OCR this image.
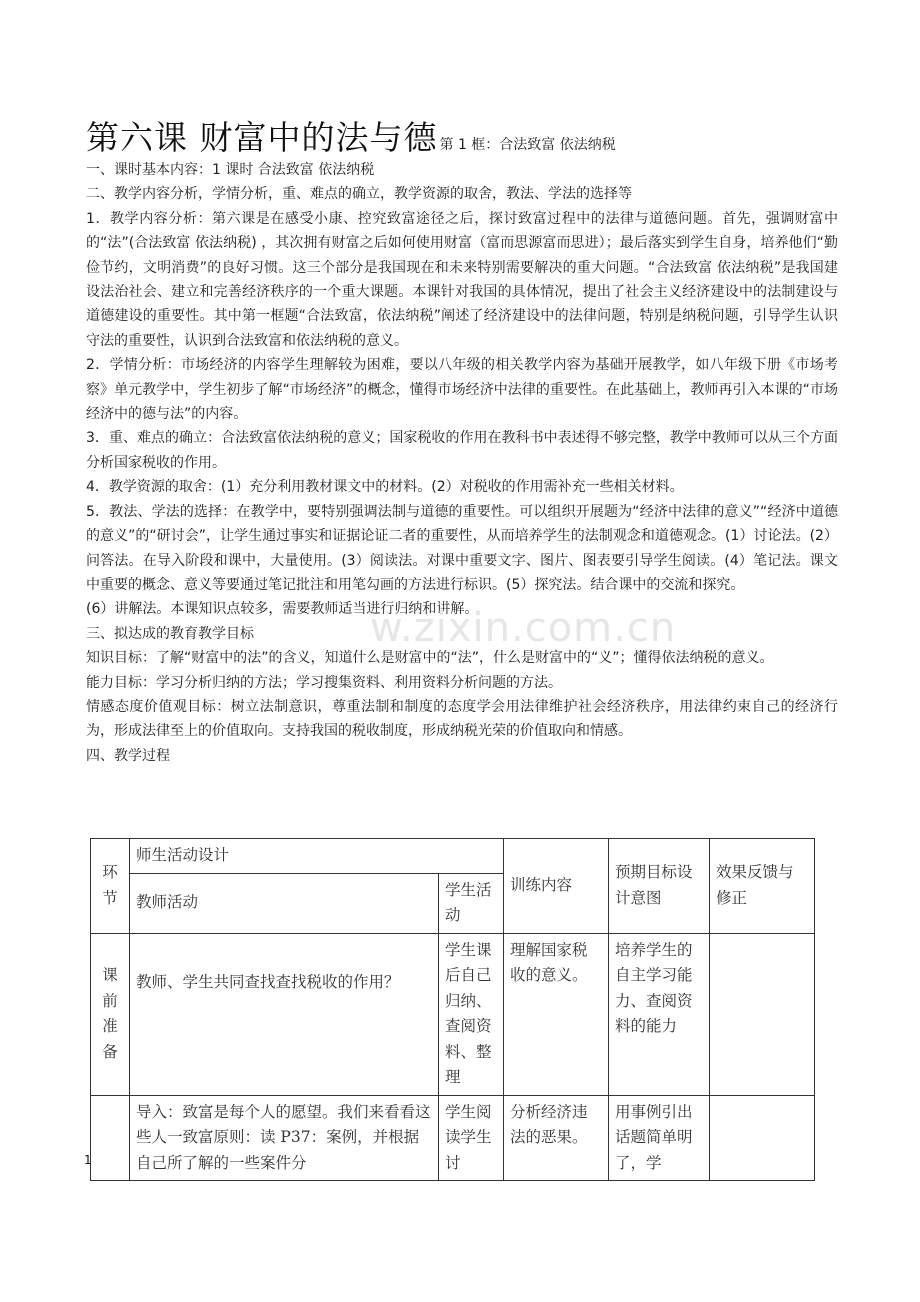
第六课 财富中的法与德 第 1 框：合法致富 依法纳税

一、课时基本内容：1 课时 合法致富 依法纳税

二、教学内容分析，学情分析，重、难点的确立，教学资源的取舍，教法、学法的选择等

1．教学内容分析：第六课是在感受小康、控究致富途径之后，探讨致富过程中的法律与道德问题。首先，强调财富中的“法”(合法致富 依法纳税) ，其次拥有财富之后如何使用财富（富而思源富而思进）；最后落实到学生自身，培养他们“勤俭节约，文明消费”的良好习惯。这三个部分是我国现在和未来特别需要解决的重大问题。“合法致富 依法纳税”是我国建设法治社会、建立和完善经济秩序的一个重大课题。本课针对我国的具体情况，提出了社会主义经济建设中的法制建设与道德建设的重要性。其中第一框题“合法致富，依法纳税”阐述了经济建设中的法律问题，特别是纳税问题，引导学生认识守法的重要性，认识到合法致富和依法纳税的意义。

2．学情分析：市场经济的内容学生理解较为困难，要以八年级的相关教学内容为基础开展教学，如八年级下册《市场考察》单元教学中，学生初步了解“市场经济”的概念，懂得市场经济中法律的重要性。在此基础上，教师再引入本课的“市场经济中的德与法”的内容。

3．重、难点的确立：合法致富依法纳税的意义；国家税收的作用在教科书中表述得不够完整，教学中教师可以从三个方面分析国家税收的作用。

4．教学资源的取舍：(1）充分利用教材课文中的材料。(2）对税收的作用需补充一些相关材料。

5．教法、学法的选择：在教学中，要特别强调法制与道德的重要性。可以组织开展题为“经济中法律的意义”“经济中道德的意义”的“研讨会”，让学生通过事实和证据论证二者的重要性，从而培养学生的法制观念和道德观念。(1）讨论法。(2）问答法。在导入阶段和课中，大量使用。(3）阅读法。对课中重要文字、图片、图表要引导学生阅读。(4）笔记法。课文中重要的概念、意义等要通过笔记批注和用笔勾画的方法进行标识。(5）探究法。结合课中的交流和探究。

(6）讲解法。本课知识点较多，需要教师适当进行归纳和讲解。

三、拟达成的教育教学目标

知识目标：了解“财富中的法”的含义，知道什么是财富中的“法”，什么是财富中的“义”；懂得依法纳税的意义。

能力目标：学习分析归纳的方法；学习搜集资料、利用资料分析问题的方法。

情感态度价值观目标：树立法制意识，尊重法制和制度的态度学会用法律维护社会经济秩序，用法律约束自己的经济行为，形成法律至上的价值取向。支持我国的税收制度，形成纳税光荣的价值取向和情感。

四、教学过程

w.zixin.com.cn
环节	师生活动设计		训练内容	预期目标设计意图	效果反馈与修正
	教师活动	学生活动			
课前准备	教师、学生共同查找查找税收的作用？	学生课后自己归纳、查阅资料、整理	理解国家税收的意义。	培养学生的自主学习能力、查阅资料的能力	
	导入：致富是每个人的愿望。我们来看看这些人一致富原则：读 P37：案例，并根据自己所了解的一些案件分	学生阅读学生讨	分析经济违法的恶果。	用事例引出话题简单明了，学	
1
